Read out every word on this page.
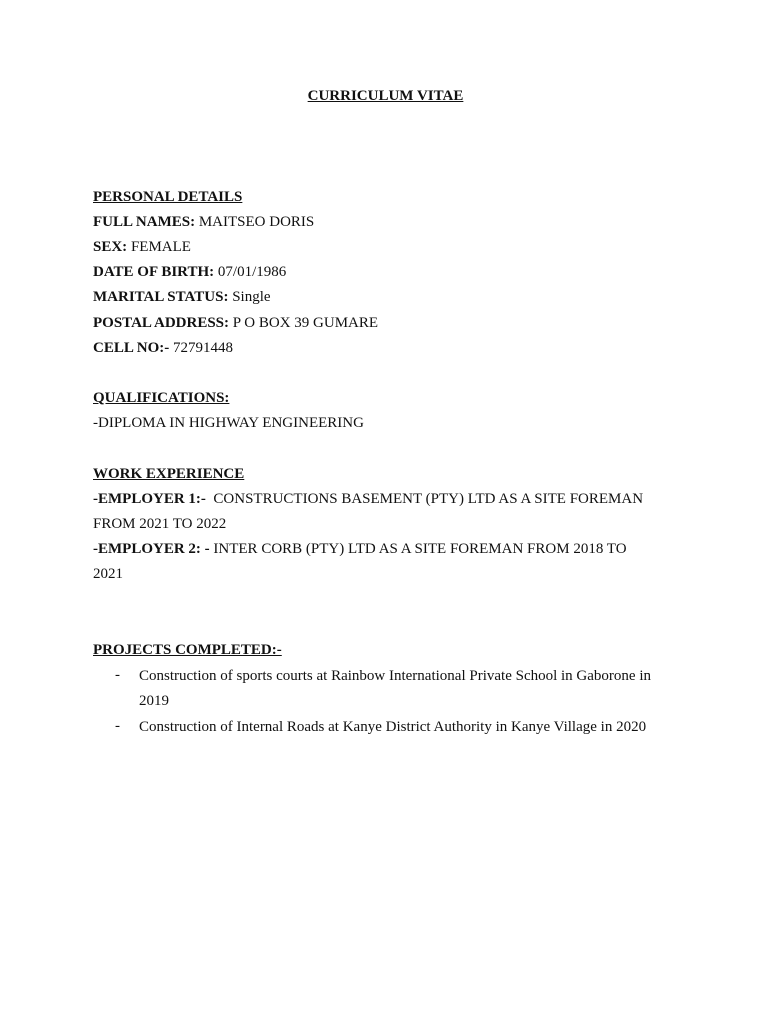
CURRICULUM VITAE
PERSONAL DETAILS
FULL NAMES: MAITSEO DORIS
SEX: FEMALE
DATE OF BIRTH: 07/01/1986
MARITAL STATUS: Single
POSTAL ADDRESS: P O BOX 39 GUMARE
CELL NO:- 72791448
QUALIFICATIONS:
-DIPLOMA IN HIGHWAY ENGINEERING
WORK EXPERIENCE
-EMPLOYER 1:- CONSTRUCTIONS BASEMENT (PTY) LTD AS A SITE FOREMAN
FROM 2021 TO 2022
-EMPLOYER 2: - INTER CORB (PTY) LTD AS A SITE FOREMAN FROM 2018 TO
2021
PROJECTS COMPLETED:-
- Construction of sports courts at Rainbow International Private School in Gaborone in
2019
- Construction of Internal Roads at Kanye District Authority in Kanye Village in 2020
